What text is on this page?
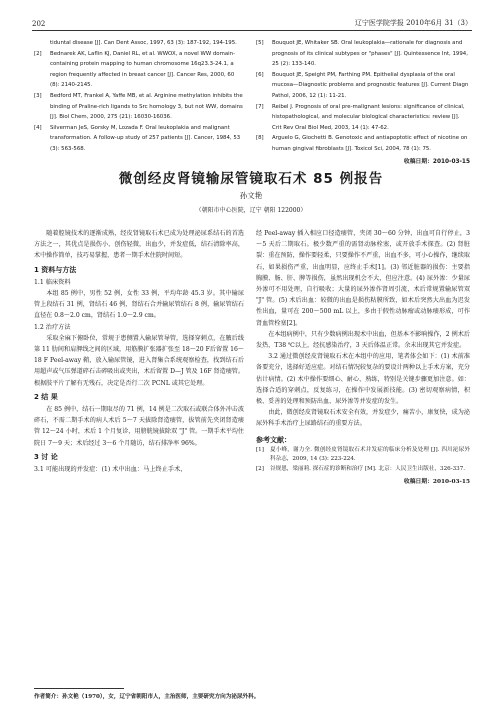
202	辽宁医学院学报 2010年6月 31（3）
tiduntal disease [J]. Can Dent Assoc, 1997, 63 (3): 187-192, 194-195.
[2]	Bednarek AK, Laflin KJ, Daniel RL, et al. WWOX, a novel WW domain-containing protein mapping to human chromosome 16q23.3-24.1, a region frequently affected in breast cancer [J]. Cancer Res, 2000, 60 (8): 2140-2145.
[3]	Bedford MT, Frankel A, Yaffe MB, et al. Arginine methylation inhibits the binding of Praline-rich ligands to Src homology 3, but not WW, domains [J]. Biol Chem, 2000, 275 (21): 16030-16036.
[4]	Silverman JeS, Gorsky M, Lozada F. Oral leukoplakia and malignant transformation. A follow-up study of 257 patients [J]. Cancer, 1984, 53 (3): 563-568.
[5]	Bouquot JE, Whitaker SB. Oral leukoplakia—rationale for diagnosis and prognosis of its clinical subtypes or "phases" [J]. Quintessence Int, 1994, 25 (2): 133-140.
[6]	Bouquot JE, Speight PM, Farthing PM. Epithelial dysplasia of the oral mucosa—Diagnostic problems and prognostic features [J]. Current Diagn Pathol, 2006, 12 (1): 11-21.
[7]	Reibel J. Prognosis of oral pre-malignant lesions: significance of clinical, histopathological, and molecular biological characteristics: review [J]. Crit Rev Oral Biol Med, 2003, 14 (1): 47-62.
[8]	Arguelo G, Giochetti B. Genotoxic and antiapoptotic effect of nicotine on human gingival fibroblasts [J]. Toxicol Sci, 2004, 78 (1): 75.
收稿日期：2010-03-15
微创经皮肾镜输尿管镜取石术 85 例报告
孙文艳
（朝阳市中心医院，辽宁 朝阳 122000）

随着腔镜技术的逐渐成熟，经皮肾镜取石术已成为处理泌尿系结石的首选方法之一，其优点是损伤小、创伤轻微，出血少，并发症低，结石清除率高，术中操作简单，技巧易掌握，患者一期手术住院时间短。

1 资料与方法
1.1 临床资料

本组 85 例中，男性 52 例，女性 33 例，平均年龄 45.3 岁。其中输尿管上段结石 31 例，肾结石 46 例，肾结石合并输尿管结石 8 例，输尿管结石直径在 0.8～2.0 cm，肾结石 1.0～2.9 cm。

1.2 治疗方法

采取全麻下俯卧位，常规于患侧置入输尿管导管，选择穿刺点，在腋后线第 11 肋间和肩胛线之间的区域，用筋膜扩张器扩张至 18～20 F后留置 16～18 F Peel-away 鞘，放入输尿管镜，进入肾集合系统观察检查，找到结石后用超声或气压弹道碎石击碎吸出或夹出，术后留置 D—J 管及 16F 肾造瘘管。根据肢平片了解有无残石，决定是否行二次 PCNL 或其它处理。

2 结 果

在 85 例中，结石一期取尽的 71 例，14 例是二次取石或联合体外冲击波碎石，不需二期手术的病人术后 5～7 天拔除肾造瘘管，拔管前先夹闭肾造瘘管 12～24 小时，术后 1 个月复诊，用膀胱镜拔除双 "J" 管。一期手术平均住院日 7～9 天；术后经过 3～6 个月随访，结石排净率 96%。

3 讨 论
3.1 可能出现的并发症：(1) 术中出血：马上终止手术，

经 Peel-away 插入相应口径造瘘管，夹闭 30～60 分钟，出血可自行停止，3～5 天后二期取石。极少数严重的需肾动脉栓塞，或开放手术探查。(2) 肾脏裂：重在预防，操作要轻柔，只要操作不严重，出血不多，可小心操作，继续取石，如果损伤严重，出血明显，应终止手术[1]。(3) 邻近脏器的损伤：主要指胸膜、肠、肝、脾等损伤，虽然出现机会不大，但应注意。(4) 尿外渗：少量尿外渗可不用处理，自行吸收；大量的尿外渗作肾周引流，术后常规置输尿管双 "J" 管。(5) 术后出血：较微的出血是损伤粘膜所致，如术后突然大出血为迟发性出血，量可在 200～500 mL 以上，多由于假性动脉瘤或动脉瘘形成，可作肾血管栓塞[2]。

在本组病例中，只有少数病例出现术中出血，但基本不影响操作，2 例术后发热，T38 ℃以上，经抗感染治疗，3 天后体温正常。余未出现其它并发症。

3.2 通过微创经皮肾镜取石术在本组中的应用，笔者体会如下：(1) 术前准备要充分，选择好适应症。对结石情况较复杂的要设计两种以上手术方案，充分估计病情。(2) 术中操作要细心、耐心、熟练，特别是关键步骤更加注意。如：选择合适的穿刺点，反复练习，在操作中发展新技能。(3) 密切观察病情，积极、妥善的处理和预防出血、尿外渗等并发症的发生。

由此，微创经皮肾镜取石术安全有效，并发症少，痛苦小，康复快，成为泌尿外科手术治疗上尿路结石的重要方法。

参考文献：
[1]	夏小峰，谢力全. 微创经皮肾镜取石术并发症的临床分析及处理 [J]. 四川泌尿外科杂志，2009, 14 (3): 223-224.
[2]	谷规恩，梁丽莉. 探石症的诊断和治疗 [M]. 北京：人民卫生出版社，326-337.
收稿日期：2010-03-15
作者简介：孙文艳（1970），女，辽宁省朝阳市人，主治医师，主要研究方向为泌尿外科。
